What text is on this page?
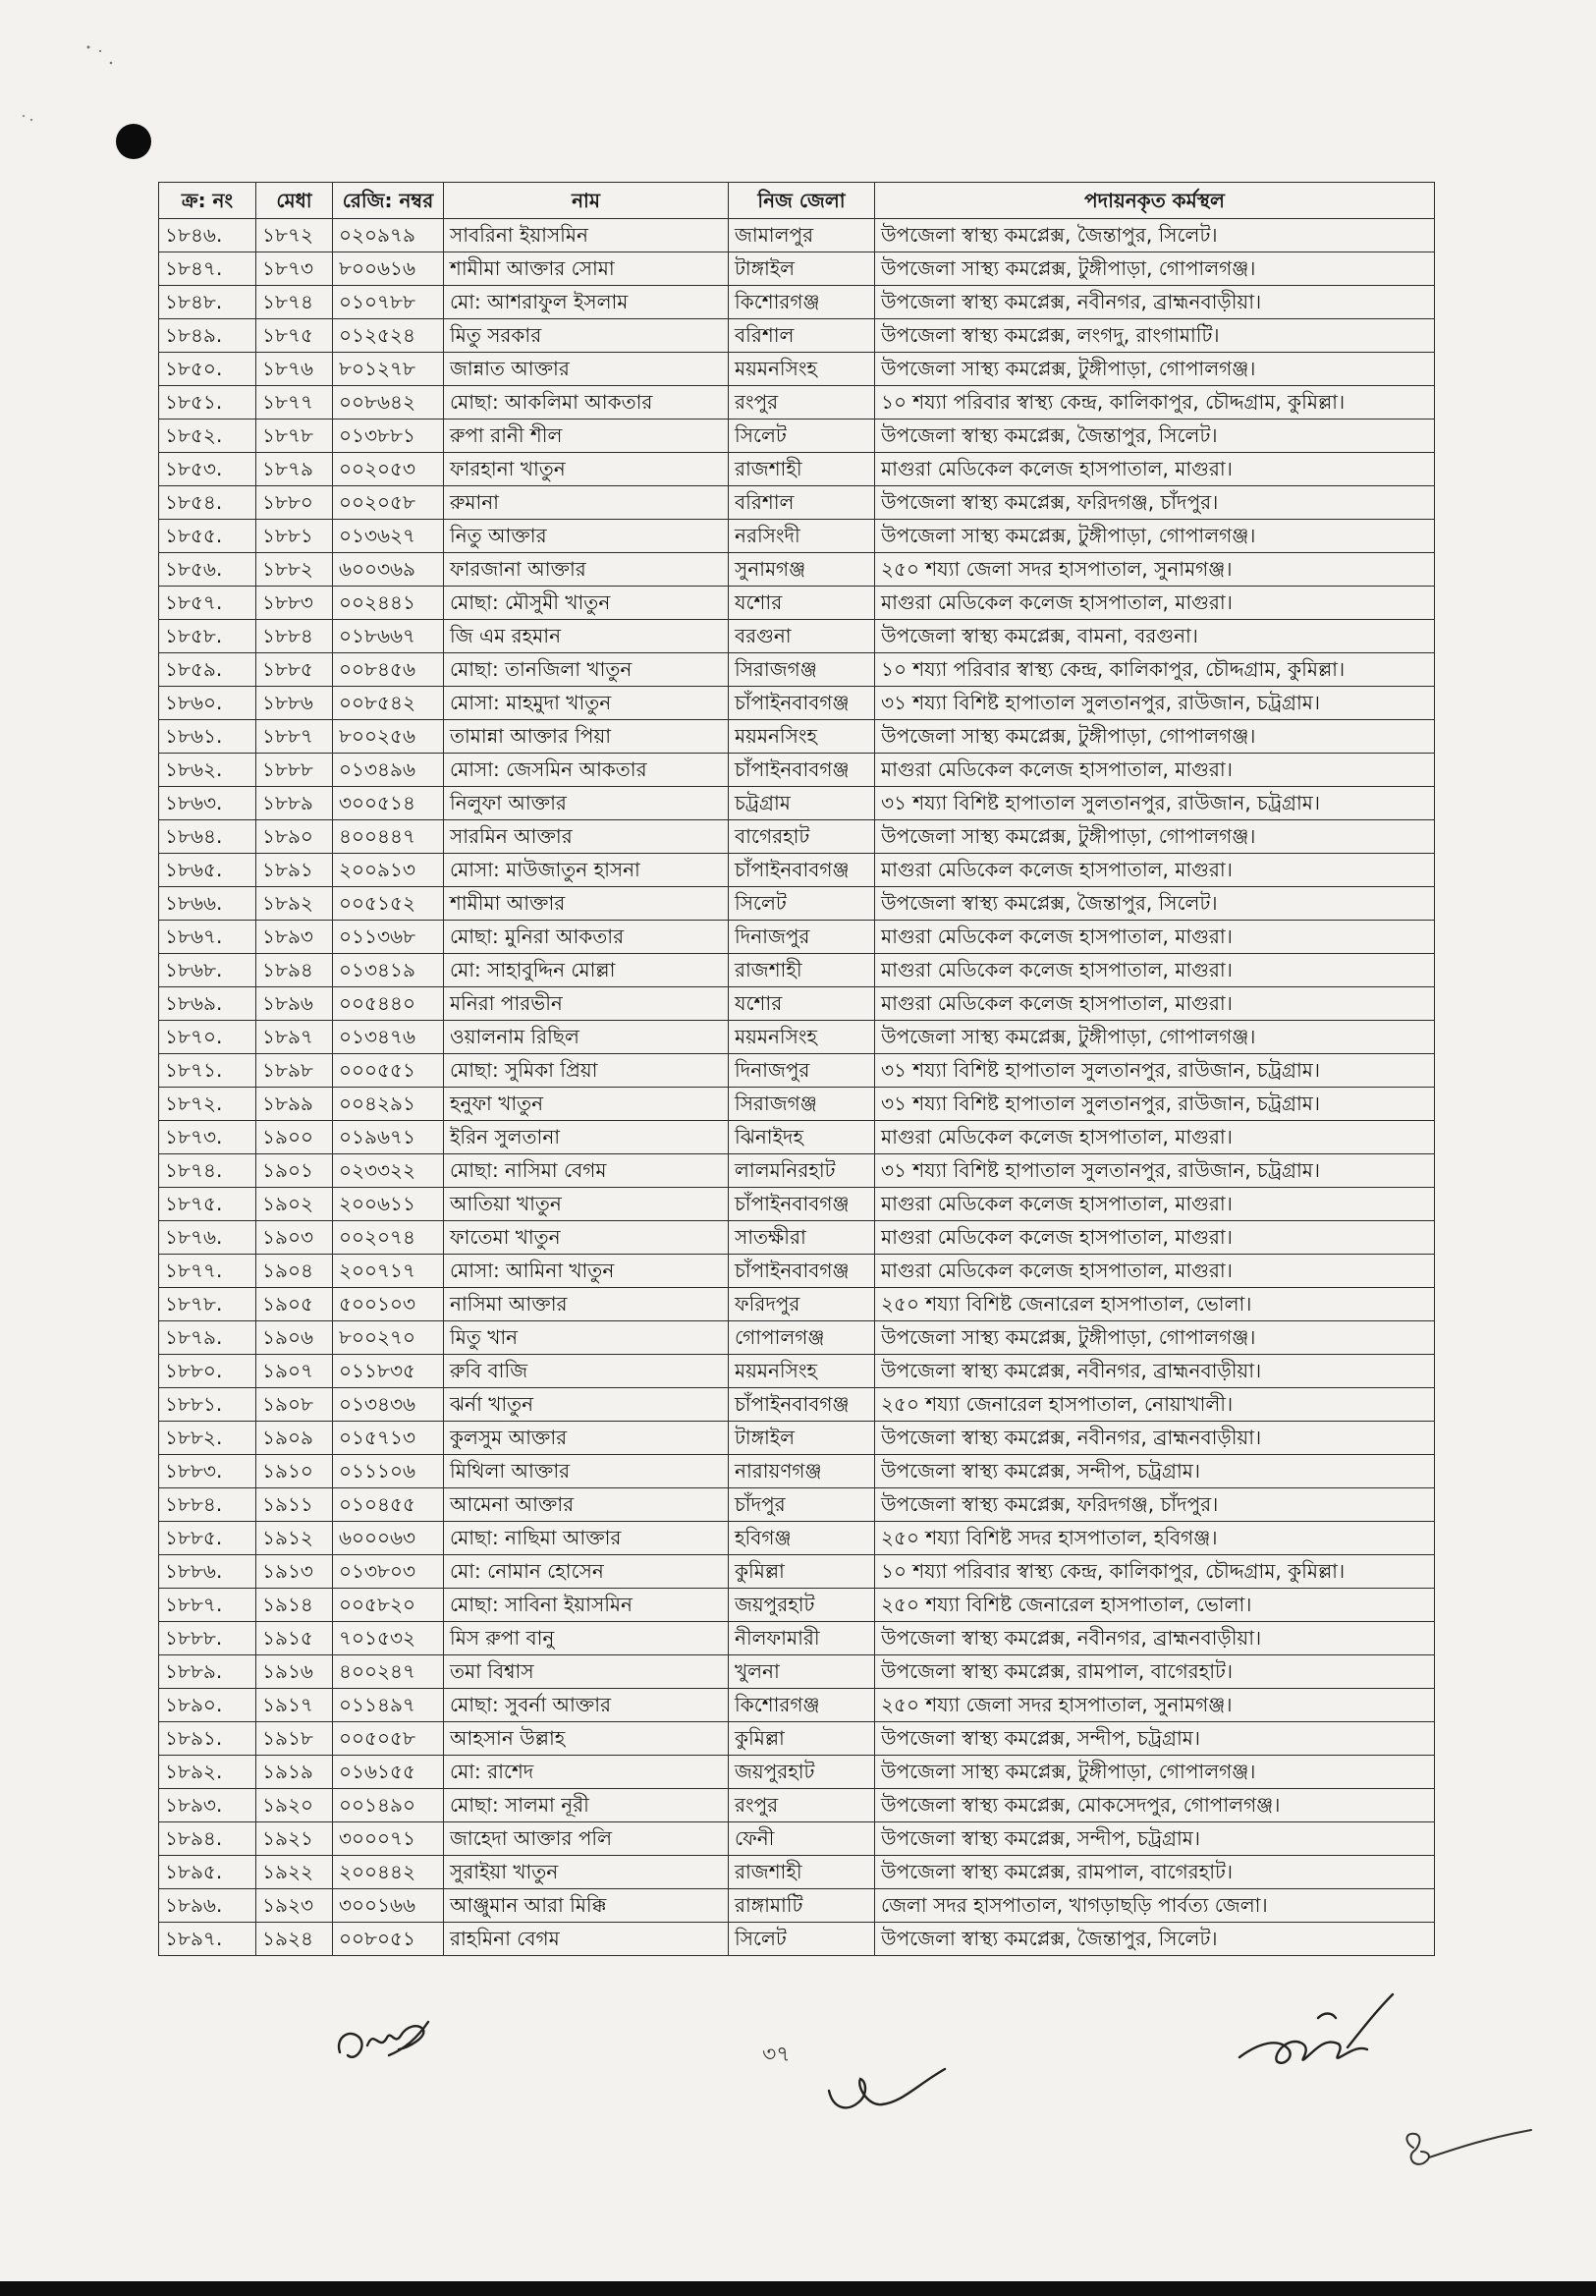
ক্র: নং	মেধা	রেজি: নম্বর	নাম	নিজ জেলা	পদায়নকৃত কর্মস্থল
১৮৪৬.	১৮৭২	০২০৯৭৯	সাবরিনা ইয়াসমিন	জামালপুর	উপজেলা স্বাস্থ্য কমপ্লেক্স, জৈন্তাপুর, সিলেট।
১৮৪৭.	১৮৭৩	৮০০৬১৬	শামীমা আক্তার সোমা	টাঙ্গাইল	উপজেলা সাস্থ্য কমপ্লেক্স, টুঙ্গীপাড়া, গোপালগঞ্জ।
১৮৪৮.	১৮৭৪	০১০৭৮৮	মো: আশরাফুল ইসলাম	কিশোরগঞ্জ	উপজেলা স্বাস্থ্য কমপ্লেক্স, নবীনগর, ব্রাহ্মনবাড়ীয়া।
১৮৪৯.	১৮৭৫	০১২৫২৪	মিতু সরকার	বরিশাল	উপজেলা স্বাস্থ্য কমপ্লেক্স, লংগদু, রাংগামাটি।
১৮৫০.	১৮৭৬	৮০১২৭৮	জান্নাত আক্তার	ময়মনসিংহ	উপজেলা সাস্থ্য কমপ্লেক্স, টুঙ্গীপাড়া, গোপালগঞ্জ।
১৮৫১.	১৮৭৭	০০৮৬৪২	মোছা: আকলিমা আকতার	রংপুর	১০ শয্যা পরিবার স্বাস্থ্য কেন্দ্র, কালিকাপুর, চৌদ্দগ্রাম, কুমিল্লা।
১৮৫২.	১৮৭৮	০১৩৮৮১	রুপা রানী শীল	সিলেট	উপজেলা স্বাস্থ্য কমপ্লেক্স, জৈন্তাপুর, সিলেট।
১৮৫৩.	১৮৭৯	০০২০৫৩	ফারহানা খাতুন	রাজশাহী	মাগুরা মেডিকেল কলেজ হাসপাতাল, মাগুরা।
১৮৫৪.	১৮৮০	০০২০৫৮	রুমানা	বরিশাল	উপজেলা স্বাস্থ্য কমপ্লেক্স, ফরিদগঞ্জ, চাঁদপুর।
১৮৫৫.	১৮৮১	০১৩৬২৭	নিতু আক্তার	নরসিংদী	উপজেলা সাস্থ্য কমপ্লেক্স, টুঙ্গীপাড়া, গোপালগঞ্জ।
১৮৫৬.	১৮৮২	৬০০৩৬৯	ফারজানা আক্তার	সুনামগঞ্জ	২৫০ শয্যা জেলা সদর হাসপাতাল, সুনামগঞ্জ।
১৮৫৭.	১৮৮৩	০০২৪৪১	মোছা: মৌসুমী খাতুন	যশোর	মাগুরা মেডিকেল কলেজ হাসপাতাল, মাগুরা।
১৮৫৮.	১৮৮৪	০১৮৬৬৭	জি এম রহমান	বরগুনা	উপজেলা স্বাস্থ্য কমপ্লেক্স, বামনা, বরগুনা।
১৮৫৯.	১৮৮৫	০০৮৪৫৬	মোছা: তানজিলা খাতুন	সিরাজগঞ্জ	১০ শয্যা পরিবার স্বাস্থ্য কেন্দ্র, কালিকাপুর, চৌদ্দগ্রাম, কুমিল্লা।
১৮৬০.	১৮৮৬	০০৮৫৪২	মোসা: মাহমুদা খাতুন	চাঁপাইনবাবগঞ্জ	৩১ শয্যা বিশিষ্ট হাপাতাল সুলতানপুর, রাউজান, চট্রগ্রাম।
১৮৬১.	১৮৮৭	৮০০২৫৬	তামান্না আক্তার পিয়া	ময়মনসিংহ	উপজেলা সাস্থ্য কমপ্লেক্স, টুঙ্গীপাড়া, গোপালগঞ্জ।
১৮৬২.	১৮৮৮	০১৩৪৯৬	মোসা: জেসমিন আকতার	চাঁপাইনবাবগঞ্জ	মাগুরা মেডিকেল কলেজ হাসপাতাল, মাগুরা।
১৮৬৩.	১৮৮৯	৩০০৫১৪	নিলুফা আক্তার	চট্রগ্রাম	৩১ শয্যা বিশিষ্ট হাপাতাল সুলতানপুর, রাউজান, চট্রগ্রাম।
১৮৬৪.	১৮৯০	৪০০৪৪৭	সারমিন আক্তার	বাগেরহাট	উপজেলা সাস্থ্য কমপ্লেক্স, টুঙ্গীপাড়া, গোপালগঞ্জ।
১৮৬৫.	১৮৯১	২০০৯১৩	মোসা: মাউজাতুন হাসনা	চাঁপাইনবাবগঞ্জ	মাগুরা মেডিকেল কলেজ হাসপাতাল, মাগুরা।
১৮৬৬.	১৮৯২	০০৫১৫২	শামীমা আক্তার	সিলেট	উপজেলা স্বাস্থ্য কমপ্লেক্স, জৈন্তাপুর, সিলেট।
১৮৬৭.	১৮৯৩	০১১৩৬৮	মোছা: মুনিরা আকতার	দিনাজপুর	মাগুরা মেডিকেল কলেজ হাসপাতাল, মাগুরা।
১৮৬৮.	১৮৯৪	০১৩৪১৯	মো: সাহাবুদ্দিন মোল্লা	রাজশাহী	মাগুরা মেডিকেল কলেজ হাসপাতাল, মাগুরা।
১৮৬৯.	১৮৯৬	০০৫৪৪০	মনিরা পারভীন	যশোর	মাগুরা মেডিকেল কলেজ হাসপাতাল, মাগুরা।
১৮৭০.	১৮৯৭	০১৩৪৭৬	ওয়ালনাম রিছিল	ময়মনসিংহ	উপজেলা সাস্থ্য কমপ্লেক্স, টুঙ্গীপাড়া, গোপালগঞ্জ।
১৮৭১.	১৮৯৮	০০০৫৫১	মোছা: সুমিকা প্রিয়া	দিনাজপুর	৩১ শয্যা বিশিষ্ট হাপাতাল সুলতানপুর, রাউজান, চট্রগ্রাম।
১৮৭২.	১৮৯৯	০০৪২৯১	হনুফা খাতুন	সিরাজগঞ্জ	৩১ শয্যা বিশিষ্ট হাপাতাল সুলতানপুর, রাউজান, চট্রগ্রাম।
১৮৭৩.	১৯০০	০১৯৬৭১	ইরিন সুলতানা	ঝিনাইদহ	মাগুরা মেডিকেল কলেজ হাসপাতাল, মাগুরা।
১৮৭৪.	১৯০১	০২৩৩২২	মোছা: নাসিমা বেগম	লালমনিরহাট	৩১ শয্যা বিশিষ্ট হাপাতাল সুলতানপুর, রাউজান, চট্রগ্রাম।
১৮৭৫.	১৯০২	২০০৬১১	আতিয়া খাতুন	চাঁপাইনবাবগঞ্জ	মাগুরা মেডিকেল কলেজ হাসপাতাল, মাগুরা।
১৮৭৬.	১৯০৩	০০২০৭৪	ফাতেমা খাতুন	সাতক্ষীরা	মাগুরা মেডিকেল কলেজ হাসপাতাল, মাগুরা।
১৮৭৭.	১৯০৪	২০০৭১৭	মোসা: আমিনা খাতুন	চাঁপাইনবাবগঞ্জ	মাগুরা মেডিকেল কলেজ হাসপাতাল, মাগুরা।
১৮৭৮.	১৯০৫	৫০০১০৩	নাসিমা আক্তার	ফরিদপুর	২৫০ শয্যা বিশিষ্ট জেনারেল হাসপাতাল, ভোলা।
১৮৭৯.	১৯০৬	৮০০২৭০	মিতু খান	গোপালগঞ্জ	উপজেলা সাস্থ্য কমপ্লেক্স, টুঙ্গীপাড়া, গোপালগঞ্জ।
১৮৮০.	১৯০৭	০১১৮৩৫	রুবি বাজি	ময়মনসিংহ	উপজেলা স্বাস্থ্য কমপ্লেক্স, নবীনগর, ব্রাহ্মনবাড়ীয়া।
১৮৮১.	১৯০৮	০১৩৪৩৬	ঝর্না খাতুন	চাঁপাইনবাবগঞ্জ	২৫০ শয্যা জেনারেল হাসপাতাল, নোয়াখালী।
১৮৮২.	১৯০৯	০১৫৭১৩	কুলসুম আক্তার	টাঙ্গাইল	উপজেলা স্বাস্থ্য কমপ্লেক্স, নবীনগর, ব্রাহ্মনবাড়ীয়া।
১৮৮৩.	১৯১০	০১১১০৬	মিথিলা আক্তার	নারায়ণগঞ্জ	উপজেলা স্বাস্থ্য কমপ্লেক্স, সন্দীপ, চট্রগ্রাম।
১৮৮৪.	১৯১১	০১০৪৫৫	আমেনা আক্তার	চাঁদপুর	উপজেলা স্বাস্থ্য কমপ্লেক্স, ফরিদগঞ্জ, চাঁদপুর।
১৮৮৫.	১৯১২	৬০০০৬৩	মোছা: নাছিমা আক্তার	হবিগঞ্জ	২৫০ শয্যা বিশিষ্ট সদর হাসপাতাল, হবিগঞ্জ।
১৮৮৬.	১৯১৩	০১৩৮০৩	মো: নোমান হোসেন	কুমিল্লা	১০ শয্যা পরিবার স্বাস্থ্য কেন্দ্র, কালিকাপুর, চৌদ্দগ্রাম, কুমিল্লা।
১৮৮৭.	১৯১৪	০০৫৮২০	মোছা: সাবিনা ইয়াসমিন	জয়পুরহাট	২৫০ শয্যা বিশিষ্ট জেনারেল হাসপাতাল, ভোলা।
১৮৮৮.	১৯১৫	৭০১৫৩২	মিস রুপা বানু	নীলফামারী	উপজেলা স্বাস্থ্য কমপ্লেক্স, নবীনগর, ব্রাহ্মনবাড়ীয়া।
১৮৮৯.	১৯১৬	৪০০২৪৭	তমা বিশ্বাস	খুলনা	উপজেলা স্বাস্থ্য কমপ্লেক্স, রামপাল, বাগেরহাট।
১৮৯০.	১৯১৭	০১১৪৯৭	মোছা: সুবর্না আক্তার	কিশোরগঞ্জ	২৫০ শয্যা জেলা সদর হাসপাতাল, সুনামগঞ্জ।
১৮৯১.	১৯১৮	০০৫০৫৮	আহসান উল্লাহ	কুমিল্লা	উপজেলা স্বাস্থ্য কমপ্লেক্স, সন্দীপ, চট্রগ্রাম।
১৮৯২.	১৯১৯	০১৬১৫৫	মো: রাশেদ	জয়পুরহাট	উপজেলা সাস্থ্য কমপ্লেক্স, টুঙ্গীপাড়া, গোপালগঞ্জ।
১৮৯৩.	১৯২০	০০১৪৯০	মোছা: সালমা নূরী	রংপুর	উপজেলা স্বাস্থ্য কমপ্লেক্স, মোকসেদপুর, গোপালগঞ্জ।
১৮৯৪.	১৯২১	৩০০০৭১	জাহেদা আক্তার পলি	ফেনী	উপজেলা স্বাস্থ্য কমপ্লেক্স, সন্দীপ, চট্রগ্রাম।
১৮৯৫.	১৯২২	২০০৪৪২	সুরাইয়া খাতুন	রাজশাহী	উপজেলা স্বাস্থ্য কমপ্লেক্স, রামপাল, বাগেরহাট।
১৮৯৬.	১৯২৩	৩০০১৬৬	আঞ্জুমান আরা মিক্কি	রাঙ্গামাটি	জেলা সদর হাসপাতাল, খাগড়াছড়ি পার্বত্য জেলা।
১৮৯৭.	১৯২৪	০০৮০৫১	রাহমিনা বেগম	সিলেট	উপজেলা স্বাস্থ্য কমপ্লেক্স, জৈন্তাপুর, সিলেট।
৩৭
